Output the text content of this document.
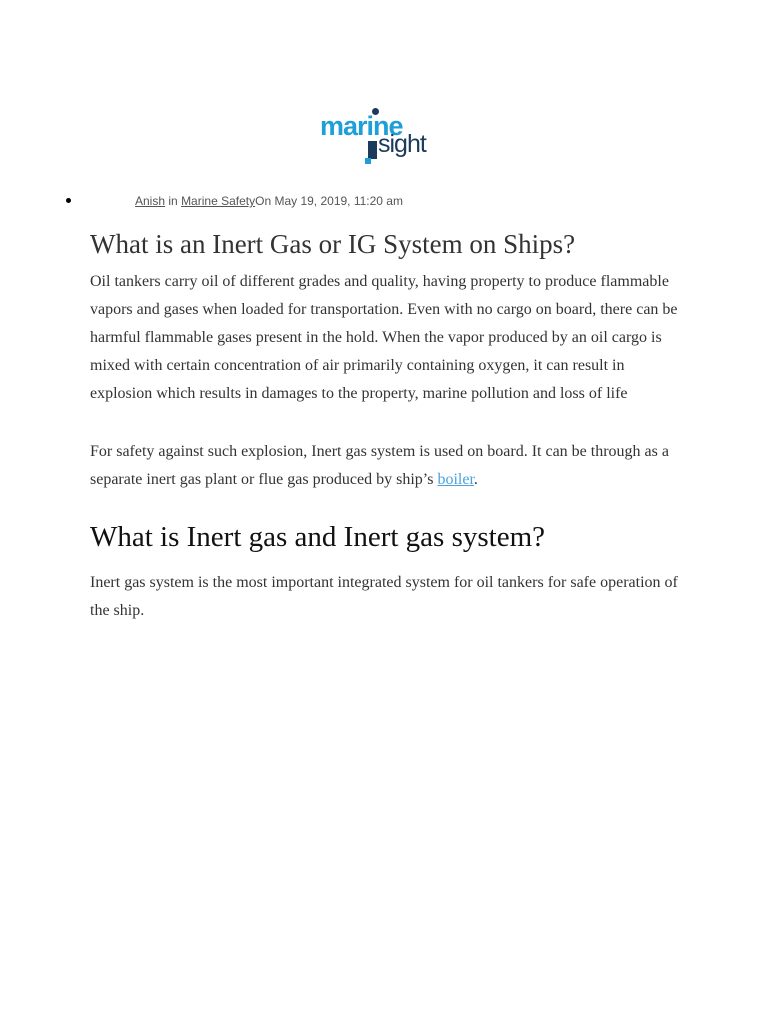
marine
sight
Anish in Marine SafetyOn May 19, 2019, 11:20 am
What is an Inert Gas or IG System on Ships?

Oil tankers carry oil of different grades and quality, having property to produce flammable vapors and gases when loaded for transportation. Even with no cargo on board, there can be harmful flammable gases present in the hold. When the vapor produced by an oil cargo is mixed with certain concentration of air primarily containing oxygen, it can result in explosion which results in damages to the property, marine pollution and loss of life

For safety against such explosion, Inert gas system is used on board. It can be through as a separate inert gas plant or flue gas produced by ship’s boiler.

What is Inert gas and Inert gas system?

Inert gas system is the most important integrated system for oil tankers for safe operation of the ship.
